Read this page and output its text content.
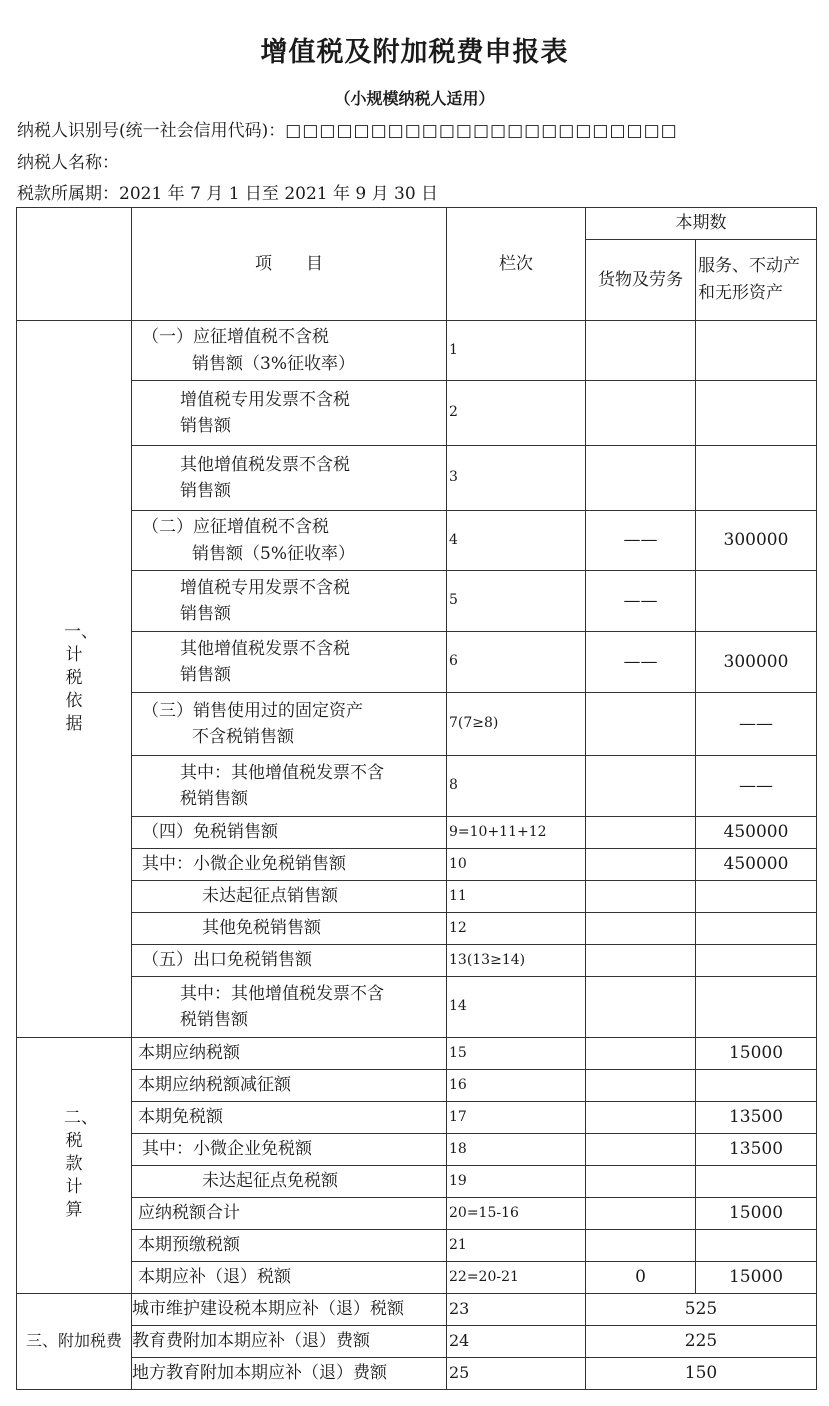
增值税及附加税费申报表
（小规模纳税人适用）
纳税人识别号(统一社会信用代码)：□□□□□□□□□□□□□□□□□□□□□□□
纳税人名称：
税款所属期：2021 年 7 月 1 日至 2021 年 9 月 30 日
	项　　目	栏次	本期数	
			货物及劳务	服务、不动产
和无形资产

一、计税依据	（一）应征增值税不含税
销售额（3%征收率）	1		

	增值税专用发票不含税
销售额	2		

	其他增值税发票不含税
销售额	3		

	（二）应征增值税不含税
销售额（5%征收率）	4	——	300000

	增值税专用发票不含税
销售额	5	——	

	其他增值税发票不含税
销售额	6	——	300000

	（三）销售使用过的固定资产
不含税销售额	7(7≥8)		——

	其中：其他增值税发票不含
税销售额	8		——

	（四）免税销售额	9=10+11+12		450000

	其中：小微企业免税销售额	10		450000

	未达起征点销售额	11		

	其他免税销售额	12		

	（五）出口免税销售额	13(13≥14)		

	其中：其他增值税发票不含
税销售额	14		
二、税款计算	本期应纳税额	15		15000

	本期应纳税额减征额	16		

	本期免税额	17		13500

	其中：小微企业免税额	18		13500

	未达起征点免税额	19		

	应纳税额合计	20=15-16		15000

	本期预缴税额	21		

	本期应补（退）税额	22=20-21	0	15000
三、附加税费	城市维护建设税本期应补（退）税额	23	525	

	教育费附加本期应补（退）费额	24	225	

	地方教育附加本期应补（退）费额	25	150	
